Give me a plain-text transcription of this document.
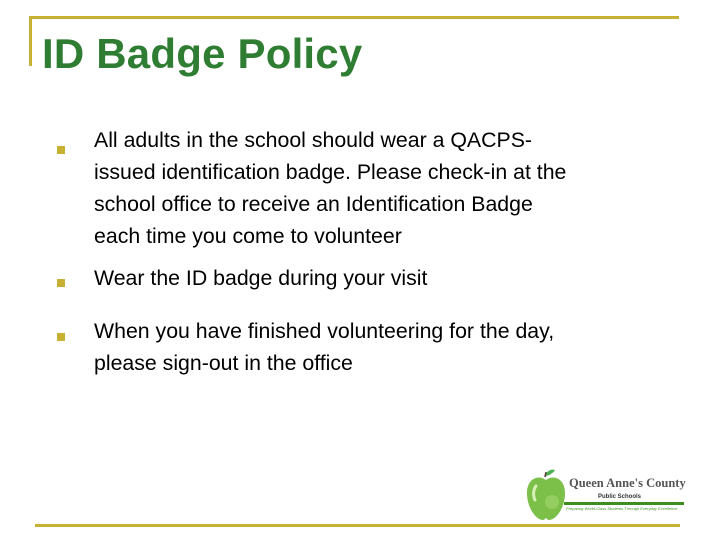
ID Badge Policy
All adults in the school should wear a QACPS-
issued identification badge. Please check-in at the
school office to receive an Identification Badge
each time you come to volunteer
Wear the ID badge during your visit
When you have finished volunteering for the day,
please sign-out in the office
Queen Anne's County
Public Schools
Preparing World-Class Students Through Everyday Excellence
